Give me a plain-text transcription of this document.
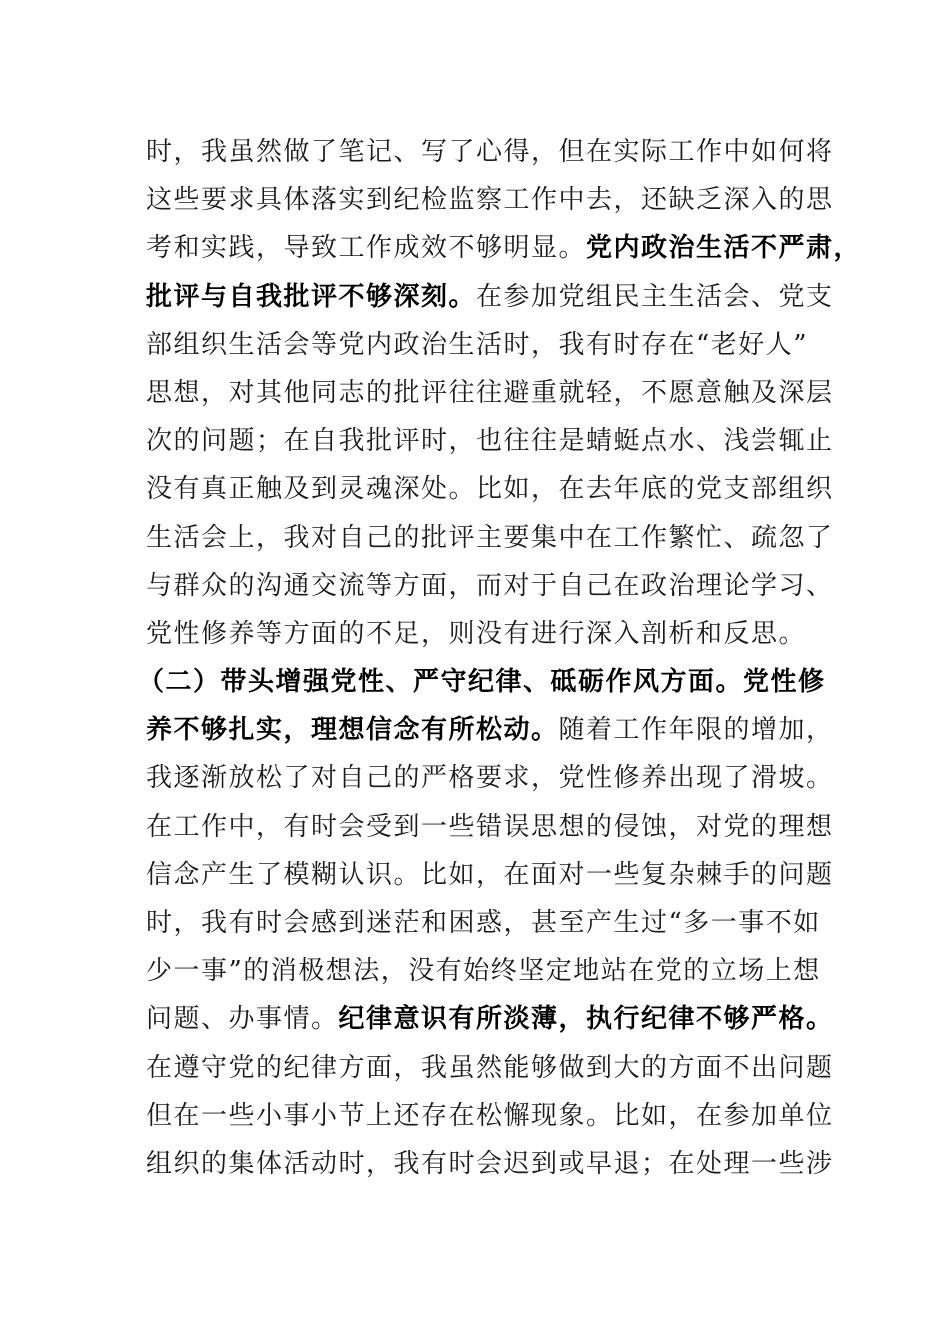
时，我虽然做了笔记、写了心得，但在实际工作中如何将
这些要求具体落实到纪检监察工作中去，还缺乏深入的思
考和实践，导致工作成效不够明显。党内政治生活不严肃，
批评与自我批评不够深刻。在参加党组民主生活会、党支
部组织生活会等党内政治生活时，我有时存在“老好人”
思想，对其他同志的批评往往避重就轻，不愿意触及深层
次的问题；在自我批评时，也往往是蜻蜓点水、浅尝辄止
没有真正触及到灵魂深处。比如，在去年底的党支部组织
生活会上，我对自己的批评主要集中在工作繁忙、疏忽了
与群众的沟通交流等方面，而对于自己在政治理论学习、
党性修养等方面的不足，则没有进行深入剖析和反思。
（二）带头增强党性、严守纪律、砥砺作风方面。党性修
养不够扎实，理想信念有所松动。随着工作年限的增加，
我逐渐放松了对自己的严格要求，党性修养出现了滑坡。
在工作中，有时会受到一些错误思想的侵蚀，对党的理想
信念产生了模糊认识。比如，在面对一些复杂棘手的问题
时，我有时会感到迷茫和困惑，甚至产生过“多一事不如
少一事”的消极想法，没有始终坚定地站在党的立场上想
问题、办事情。纪律意识有所淡薄，执行纪律不够严格。
在遵守党的纪律方面，我虽然能够做到大的方面不出问题
但在一些小事小节上还存在松懈现象。比如，在参加单位
组织的集体活动时，我有时会迟到或早退；在处理一些涉
